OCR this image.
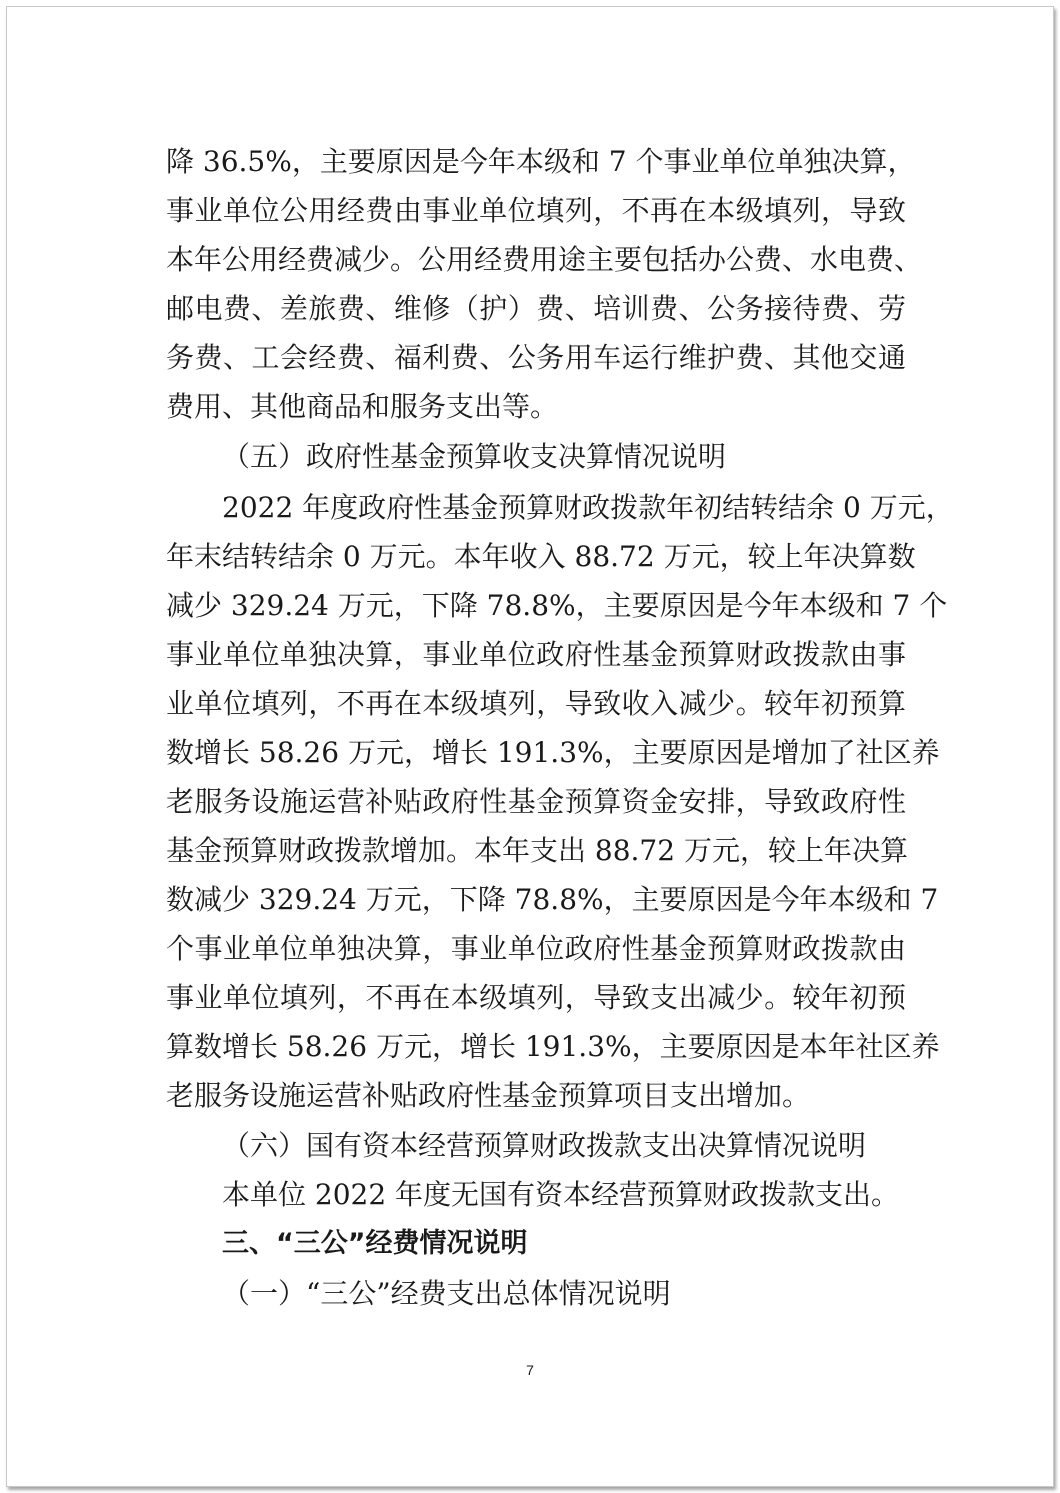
降 36.5%，主要原因是今年本级和 7 个事业单位单独决算，
事业单位公用经费由事业单位填列，不再在本级填列，导致
本年公用经费减少。公用经费用途主要包括办公费、水电费、
邮电费、差旅费、维修（护）费、培训费、公务接待费、劳
务费、工会经费、福利费、公务用车运行维护费、其他交通
费用、其他商品和服务支出等。
（五）政府性基金预算收支决算情况说明
2022 年度政府性基金预算财政拨款年初结转结余 0 万元，
年末结转结余 0 万元。本年收入 88.72 万元，较上年决算数
减少 329.24 万元，下降 78.8%，主要原因是今年本级和 7 个
事业单位单独决算，事业单位政府性基金预算财政拨款由事
业单位填列，不再在本级填列，导致收入减少。较年初预算
数增长 58.26 万元，增长 191.3%，主要原因是增加了社区养
老服务设施运营补贴政府性基金预算资金安排，导致政府性
基金预算财政拨款增加。本年支出 88.72 万元，较上年决算
数减少 329.24 万元，下降 78.8%，主要原因是今年本级和 7
个事业单位单独决算，事业单位政府性基金预算财政拨款由
事业单位填列，不再在本级填列，导致支出减少。较年初预
算数增长 58.26 万元，增长 191.3%，主要原因是本年社区养
老服务设施运营补贴政府性基金预算项目支出增加。
（六）国有资本经营预算财政拨款支出决算情况说明
本单位 2022 年度无国有资本经营预算财政拨款支出。
三、“三公”经费情况说明
（一）“三公”经费支出总体情况说明
7
